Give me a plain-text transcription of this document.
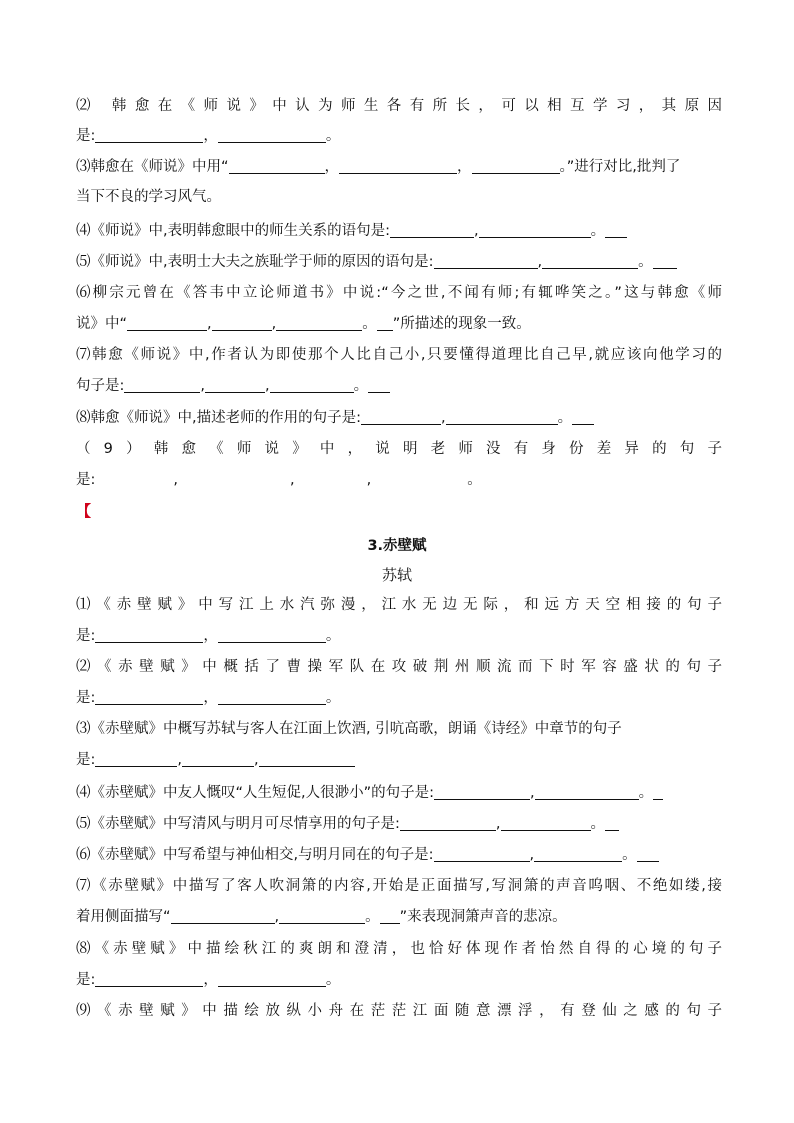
⑵ 韩愈在《师说》中认为师生各有所长，可以相互学习，其原因
是:	，	。
⑶韩愈在《师说》中用“	，	，	。”进行对比,批判了
当下不良的学习风气。
⑷《师说》中,表明韩愈眼中的师生关系的语句是:	,	。
⑸《师说》中,表明士大夫之族耻学于师的原因的语句是:	,	。
⑹柳宗元曾在《答韦中立论师道书》中说:“今之世,不闻有师;有辄哗笑之。”这与韩愈《师
说》中“	,	,	。 ”所描述的现象一致。
⑺韩愈《师说》中,作者认为即使那个人比自己小,只要懂得道理比自己早,就应该向他学习的
句子是:	,	,	。
⑻韩愈《师说》中,描述老师的作用的句子是:	,	。
（9）韩愈《师说》中，说明老师没有身份差异的句子
是:	,	,	,	。
【
3.赤壁赋
苏轼
⑴《赤壁赋》中写江上水汽弥漫，江水无边无际，和远方天空相接的句子
是:	，	。
⑵《赤壁赋》中概括了曹操军队在攻破荆州顺流而下时军容盛状的句子
是:	，	。
⑶《赤壁赋》中概写苏轼与客人在江面上饮酒, 引吭高歌，朗诵《诗经》中章节的句子
是:	,	,
⑷《赤壁赋》中友人慨叹“人生短促,人很渺小”的句子是:	,	。
⑸《赤壁赋》中写清风与明月可尽情享用的句子是:	,	。
⑹《赤壁赋》中写希望与神仙相交,与明月同在的句子是:	,	。
⑺《赤壁赋》中描写了客人吹洞箫的内容,开始是正面描写,写洞箫的声音呜咽、不绝如缕,接
着用侧面描写“	,	。 ”来表现洞箫声音的悲凉。
⑻《赤壁赋》中描绘秋江的爽朗和澄清，也恰好体现作者怡然自得的心境的句子
是:	，	。
⑼《赤壁赋》中描绘放纵小舟在茫茫江面随意漂浮，有登仙之感的句子
